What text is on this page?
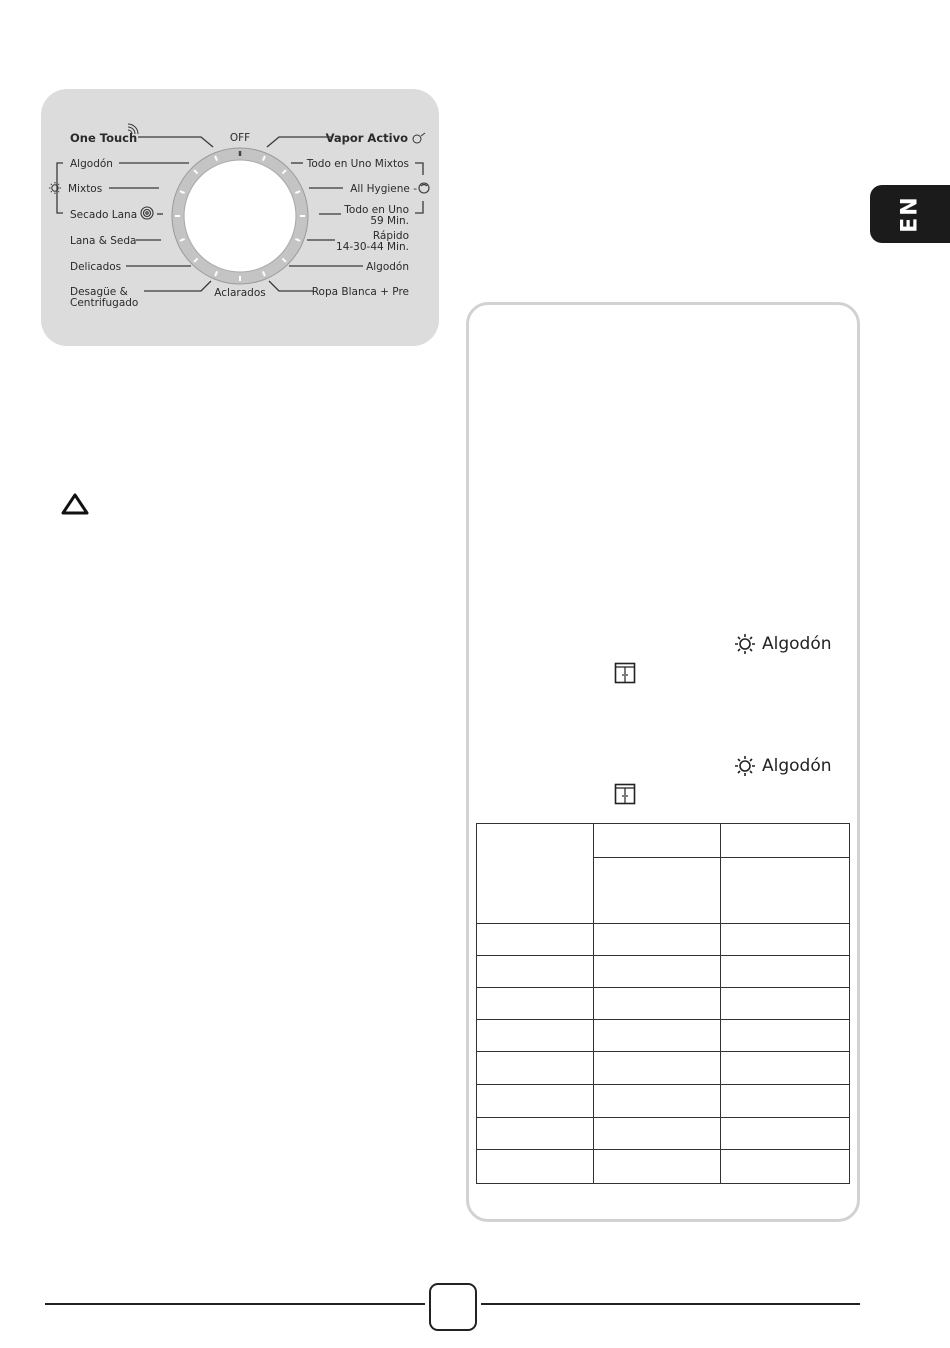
OFF
Aclarados
One Touch
Algodón
Mixtos
Secado Lana
Lana & Seda
Delicados
Desagüe &
Centrifugado
Vapor Activo
Todo en Uno Mixtos
All Hygiene -
Todo en Uno
59 Min.
Rápido
14-30-44 Min.
Algodón
Ropa Blanca + Pre
EN
Algodón
Algodón
